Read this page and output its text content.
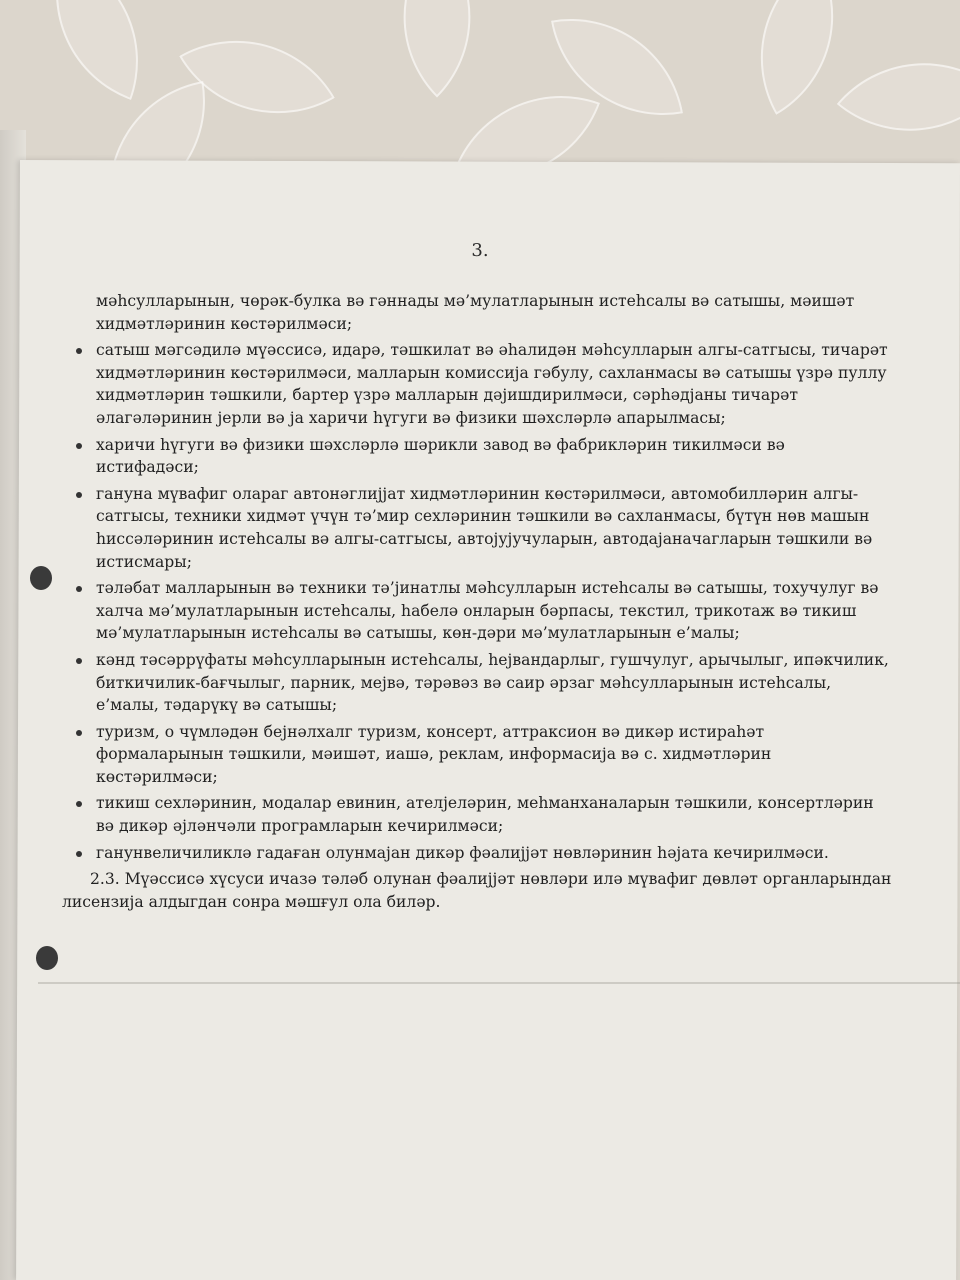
3.

мәһсулларынын, чөрәк-булка вә гәннады мә’мулатларынын истеһсалы вә сатышы, мәишәт хидмәтләринин көстәрилмәси;

сатыш мәгсәдилә мүәссисә, идарә, тәшкилат вә әһалидән мәһсулларын алгы-сатгысы, тичарәт хидмәтләринин көстәрилмәси, малларын комиссија гәбулу, сахланмасы вә сатышы үзрә пуллу хидмәтләрин тәшкили, бартер үзрә малларын дәјишдирилмәси, сәрһәдјаны тичарәт әлагәләринин јерли вә ја харичи һүгуги вә физики шәхсләрлә апарылмасы;
харичи һүгуги вә физики шәхсләрлә шәрикли завод вә фабрикләрин тикилмәси вә истифадәси;
ганунa мүвафиг оларaг автонәглијјат хидмәтләринин көстәрилмәси, автомобилләрин алгы-сатгысы, техники хидмәт үчүн тә’мир сехләринин тәшкили вә сахланмасы, бүтүн нөв машын һиссәләринин истеһсалы вә алгы-сатгысы, автоjујучуларын, автодајаначагларын тәшкили вә истисмары;
тәләбат малларынын вә техники тә’јинатлы мәһсулларын истеһсалы вә сатышы, тохучулуг вә халча мә’мулатларынын истеһсалы, һабелә онларын бәрпасы, текстил, трикотаж вә тикиш мә’мулатларынын истеһсалы вә сатышы, көн-дәри мә’мулатларынын е’малы;
кәнд тәсәррүфаты мәһсулларынын истеһсалы, һејвандарлыг, гушчулуг, арычылыг, ипәкчилик, биткичилик-бағчылыг, парник, мејвә, тәрәвәз вә саир әрзаг мәһсулларынын истеһсалы, е’малы, тәдарүкү вә сатышы;
туризм, о чүмләдән бејнәлхалг туризм, консерт, аттраксион вә дикәр истираһәт формаларынын тәшкили, мәишәт, иашә, реклам, информасија вә с. хидмәтләрин көстәрилмәси;
тикиш сехләринин, модалар евинин, ателјеләрин, меһманханаларын тәшкили, консертләрин вә дикәр әјләнчәли програмларын кечирилмәси;
ганунвеличиликлә гадаған олунмајан дикәр фәалијјәт нөвләринин һәјата кечирилмәси.

2.3. Мүәссисә хүсуси ичазә тәләб олунан фәалијјәт нөвләри илә мүвафиг дөвләт органларындан лисензија алдыгдан сонра мәшғул ола биләр.
